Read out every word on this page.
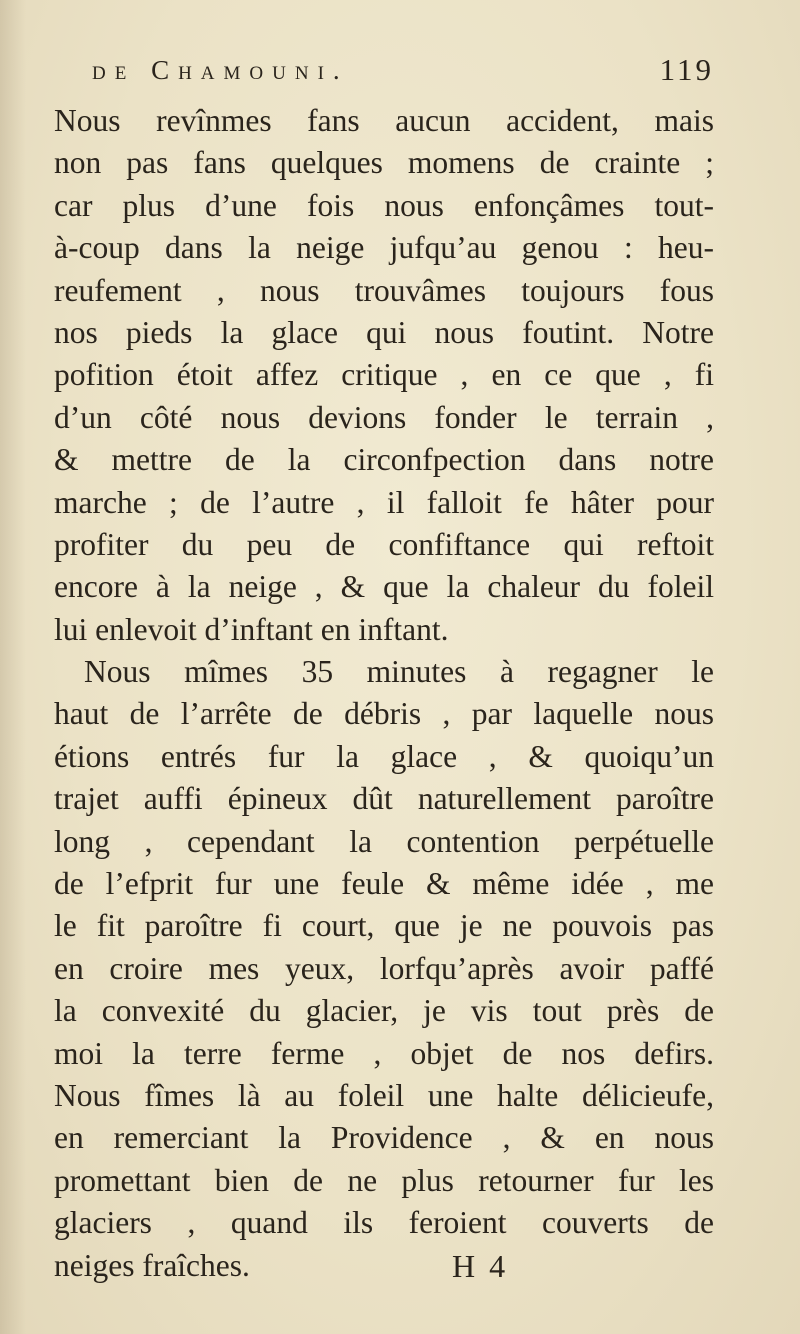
de Chamouni.	119
Nous revînmes fans aucun accident, mais
non pas fans quelques momens de crainte ;
car plus d’une fois nous enfonçâmes tout-
à-coup dans la neige jufqu’au genou : heu-
reufement , nous trouvâmes toujours fous
nos pieds la glace qui nous foutint. Notre
pofition étoit affez critique , en ce que , fi
d’un côté nous devions fonder le terrain ,
& mettre de la circonfpection dans notre
marche ; de l’autre , il falloit fe hâter pour
profiter du peu de confiftance qui reftoit
encore à la neige , & que la chaleur du foleil
lui enlevoit d’inftant en inftant.
Nous mîmes 35 minutes à regagner le
haut de l’arrête de débris , par laquelle nous
étions entrés fur la glace , & quoiqu’un
trajet auffi épineux dût naturellement paroître
long , cependant la contention perpétuelle
de l’efprit fur une feule & même idée , me
le fit paroître fi court, que je ne pouvois pas
en croire mes yeux, lorfqu’après avoir paffé
la convexité du glacier, je vis tout près de
moi la terre ferme , objet de nos defirs.
Nous fîmes là au foleil une halte délicieufe,
en remerciant la Providence , & en nous
promettant bien de ne plus retourner fur les
glaciers , quand ils feroient couverts de
neiges fraîches.	H 4
